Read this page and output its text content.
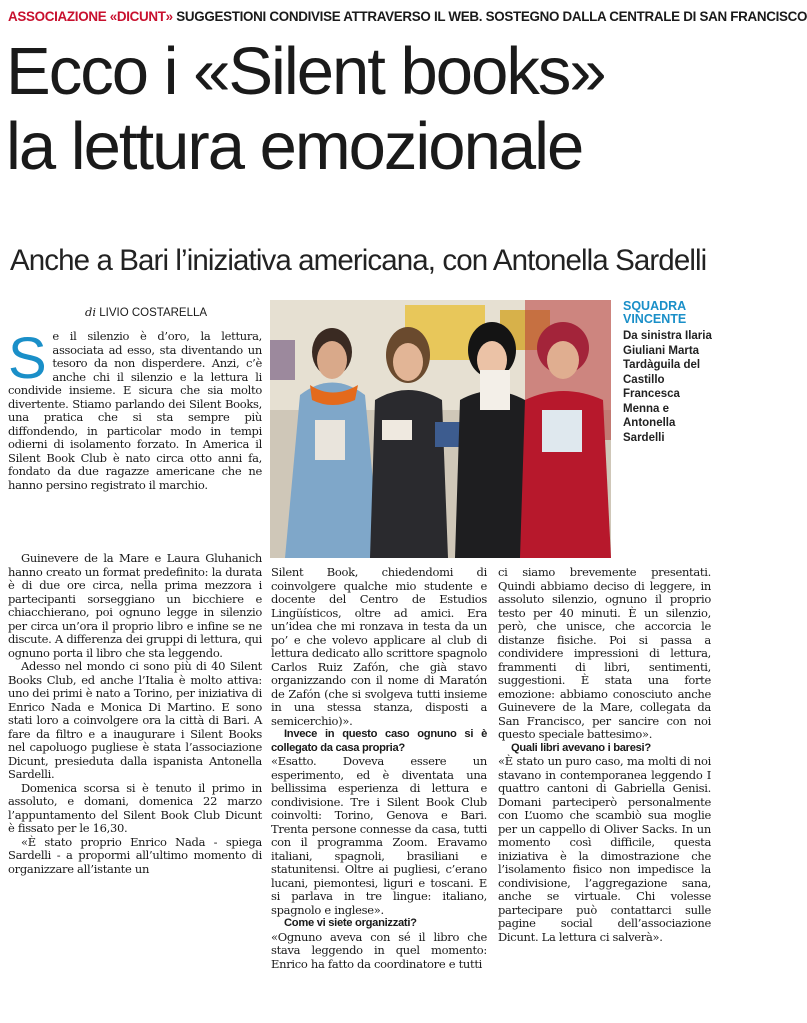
ASSOCIAZIONE «DICUNT» SUGGESTIONI CONDIVISE ATTRAVERSO IL WEB. SOSTEGNO DALLA CENTRALE DI SAN FRANCISCO
Ecco i «Silent books»
la lettura emozionale
Anche a Bari l’iniziativa americana, con Antonella Sardelli
di LIVIO COSTARELLA
S e il silenzio è d’oro, la lettura, associata ad esso, sta diventando un tesoro da non disperdere. Anzi, c’è anche chi il silenzio e la lettura li condivide insieme. E sicura che sia molto divertente. Stiamo parlando dei Silent Books, una pratica che si sta sempre più diffondendo, in particolar modo in tempi odierni di isolamento forzato. In America il Silent Book Club è nato circa otto anni fa, fondato da due ragazze americane che ne hanno persino registrato il marchio.

Guinevere de la Mare e Laura Gluhanich hanno creato un format predefinito: la durata è di due ore circa, nella prima mezzora i partecipanti sorseggiano un bicchiere e chiacchierano, poi ognuno legge in silenzio per circa un’ora il proprio libro e infine se ne discute. A differenza dei gruppi di lettura, qui ognuno porta il libro che sta leggendo.

Adesso nel mondo ci sono più di 40 Silent Books Club, ed anche l’Italia è molto attiva: uno dei primi è nato a Torino, per iniziativa di Enrico Nada e Monica Di Martino. E sono stati loro a coinvolgere ora la città di Bari. A fare da filtro e a inaugurare i Silent Books nel capoluogo pugliese è stata l’associazione Dicunt, presieduta dalla ispanista Antonella Sardelli.

Domenica scorsa si è tenuto il primo in assoluto, e domani, domenica 22 marzo l’appuntamento del Silent Book Club Dicunt è fissato per le 16,30.

«È stato proprio Enrico Nada - spiega Sardelli - a propormi all’ultimo momento di organizzare all’istante un

SQUADRA VINCENTE
Da sinistra Ilaria Giuliani Marta Tardàguila del Castillo Francesca Menna e Antonella Sardelli

Silent Book, chiedendomi di coinvolgere qualche mio studente e docente del Centro de Estudios Lingüísticos, oltre ad amici. Era un’idea che mi ronzava in testa da un po’ e che volevo applicare al club di lettura dedicato allo scrittore spagnolo Carlos Ruiz Zafón, che già stavo organizzando con il nome di Maratón de Zafón (che si svolgeva tutti insieme in una stessa stanza, disposti a semicerchio)».

Invece in questo caso ognuno si è collegato da casa propria?

«Esatto. Doveva essere un esperimento, ed è diventata una bellissima esperienza di lettura e condivisione. Tre i Silent Book Club coinvolti: Torino, Genova e Bari. Trenta persone connesse da casa, tutti con il programma Zoom. Eravamo italiani, spagnoli, brasiliani e statunitensi. Oltre ai pugliesi, c’erano lucani, piemontesi, liguri e toscani. E si parlava in tre lingue: italiano, spagnolo e inglese».

Come vi siete organizzati?

«Ognuno aveva con sé il libro che stava leggendo in quel momento: Enrico ha fatto da coordinatore e tutti

ci siamo brevemente presentati. Quindi abbiamo deciso di leggere, in assoluto silenzio, ognuno il proprio testo per 40 minuti. È un silenzio, però, che unisce, che accorcia le distanze fisiche. Poi si passa a condividere impressioni di lettura, frammenti di libri, sentimenti, suggestioni. È stata una forte emozione: abbiamo conosciuto anche Guinevere de la Mare, collegata da San Francisco, per sancire con noi questo speciale battesimo».

Quali libri avevano i baresi?

«È stato un puro caso, ma molti di noi stavano in contemporanea leggendo I quattro cantoni di Gabriella Genisi. Domani parteciperò personalmente con L’uomo che scambiò sua moglie per un cappello di Oliver Sacks. In un momento così difficile, questa iniziativa è la dimostrazione che l’isolamento fisico non impedisce la condivisione, l’aggregazione sana, anche se virtuale. Chi volesse partecipare può contattarci sulle pagine social dell’associazione Dicunt. La lettura ci salverà».
